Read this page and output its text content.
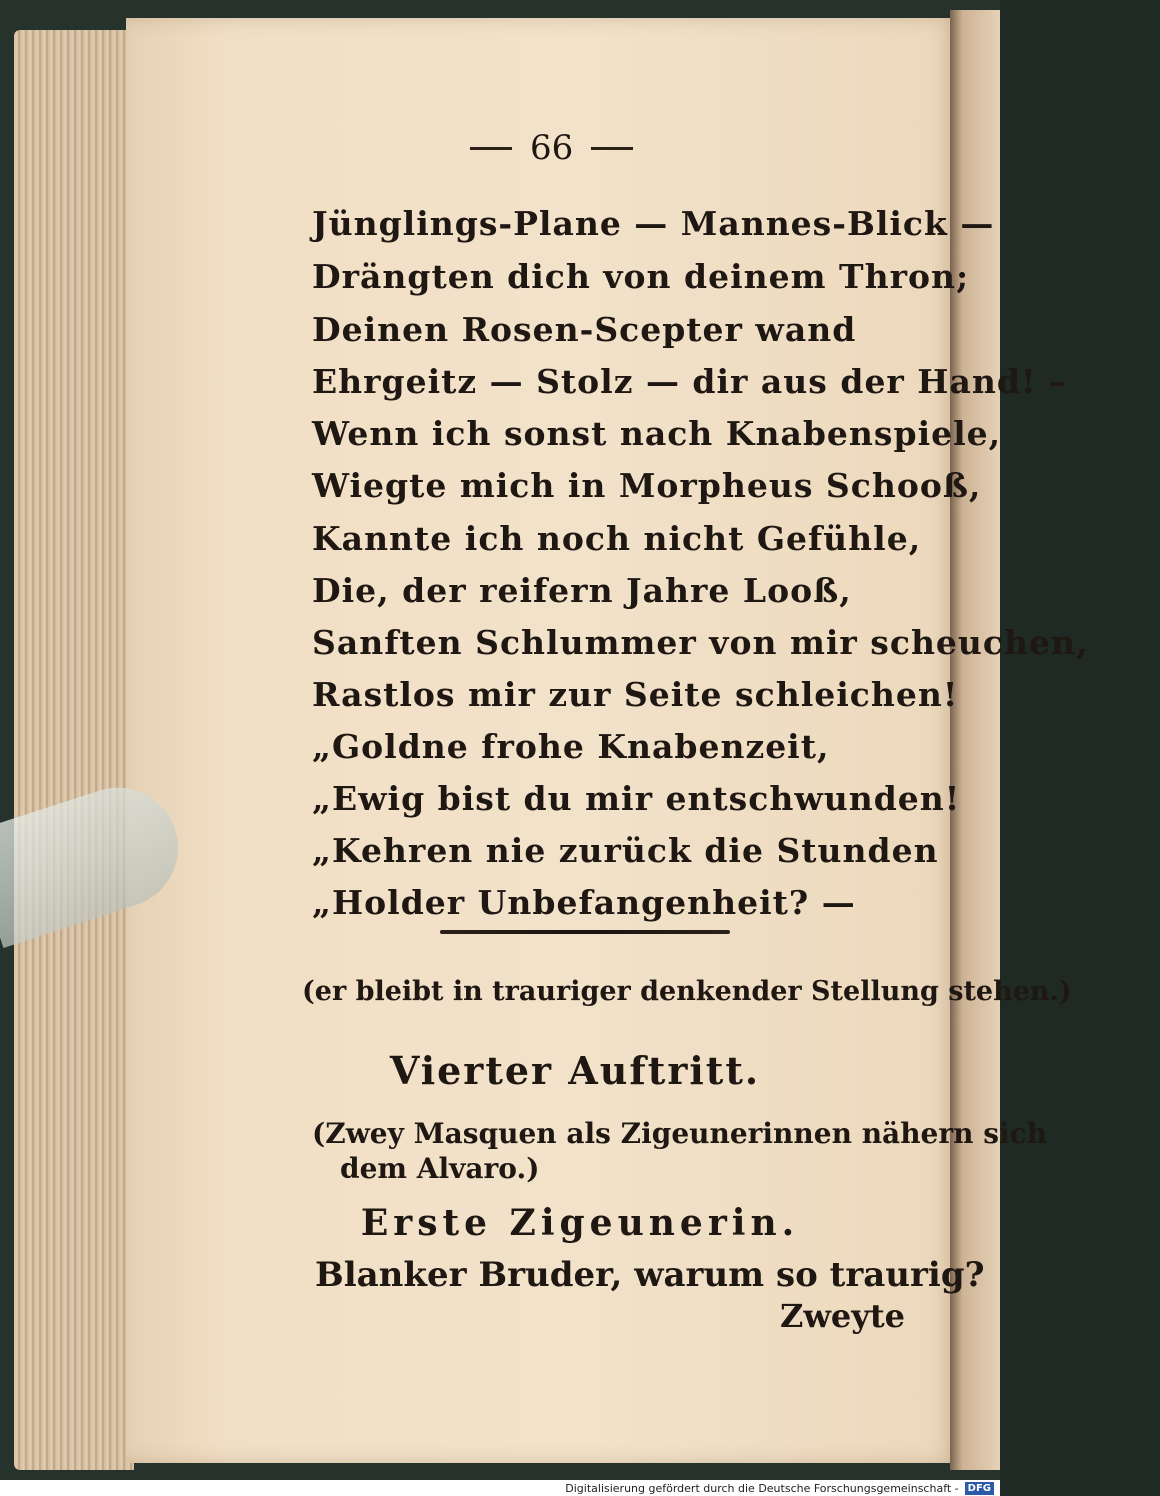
66
Jünglings-Plane — Mannes-Blick —
Drängten dich von deinem Thron;
Deinen Rosen-Scepter wand
Ehrgeitz — Stolz — dir aus der Hand! –
Wenn ich sonst nach Knabenspiele,
Wiegte mich in Morpheus Schooß,
Kannte ich noch nicht Gefühle,
Die, der reifern Jahre Looß,
Sanften Schlummer von mir scheuchen,
Rastlos mir zur Seite schleichen!
„Goldne frohe Knabenzeit,
„Ewig bist du mir entschwunden!
„Kehren nie zurück die Stunden
„Holder Unbefangenheit? —
(er bleibt in trauriger denkender Stellung stehen.)
Vierter Auftritt.
(Zwey Masquen als Zigeunerinnen nähern sich
dem Alvaro.)
Erste Zigeunerin.
Blanker Bruder, warum so traurig?
Zweyte
Digitalisierung gefördert durch die Deutsche Forschungsgemeinschaft - DFG
